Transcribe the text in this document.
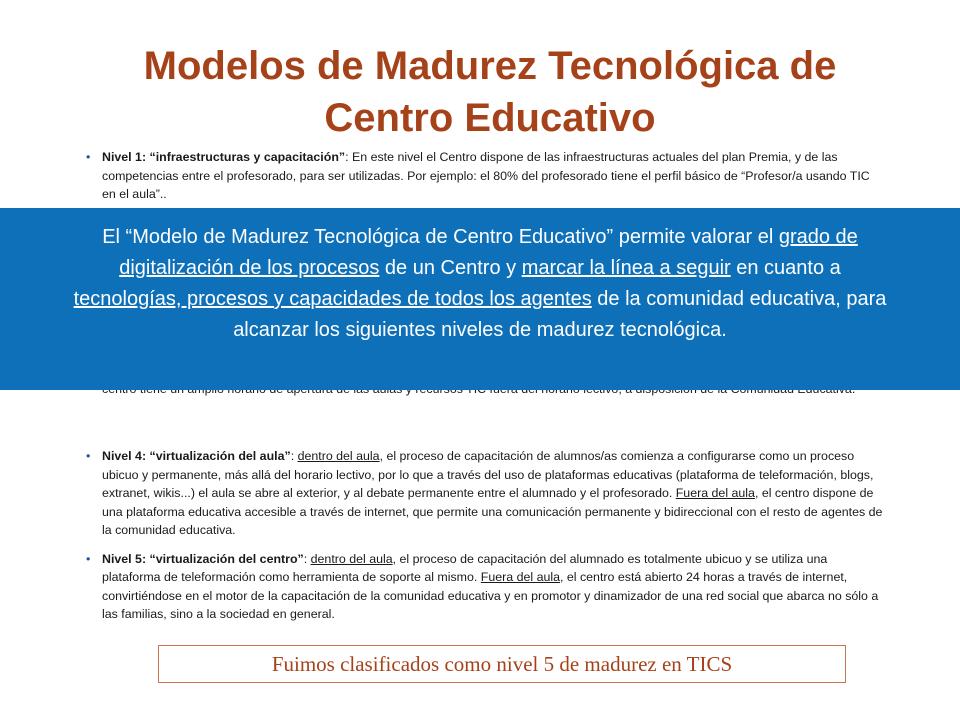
Modelos de Madurez Tecnológica de
Centro Educativo
• Nivel 1: “infraestructuras y capacitación”: En este nivel el Centro dispone de las infraestructuras actuales del plan Premia, y de las competencias entre el profesorado, para ser utilizadas. Por ejemplo: el 80% del profesorado tiene el perfil básico de “Profesor/a usando TIC en el aula”..
• Nivel 4: “virtualización del aula”: dentro del aula, el proceso de capacitación de alumnos/as comienza a configurarse como un proceso ubicuo y permanente, más allá del horario lectivo, por lo que a través del uso de plataformas educativas (plataforma de teleformación, blogs, extranet, wikis...) el aula se abre al exterior, y al debate permanente entre el alumnado y el profesorado. Fuera del aula, el centro dispone de una plataforma educativa accesible a través de internet, que permite una comunicación permanente y bidireccional con el resto de agentes de la comunidad educativa.
• Nivel 5: “virtualización del centro”: dentro del aula, el proceso de capacitación del alumnado es totalmente ubicuo y se utiliza una plataforma de teleformación como herramienta de soporte al mismo. Fuera del aula, el centro está abierto 24 horas a través de internet, convirtiéndose en el motor de la capacitación de la comunidad educativa y en promotor y dinamizador de una red social que abarca no sólo a las familias, sino a la sociedad en general.
El “Modelo de Madurez Tecnológica de Centro Educativo” permite valorar el grado de digitalización de los procesos de un Centro y marcar la línea a seguir en cuanto a tecnologías, procesos y capacidades de todos los agentes de la comunidad educativa, para alcanzar los siguientes niveles de madurez tecnológica.
Fuimos clasificados como nivel 5 de madurez en TICS
